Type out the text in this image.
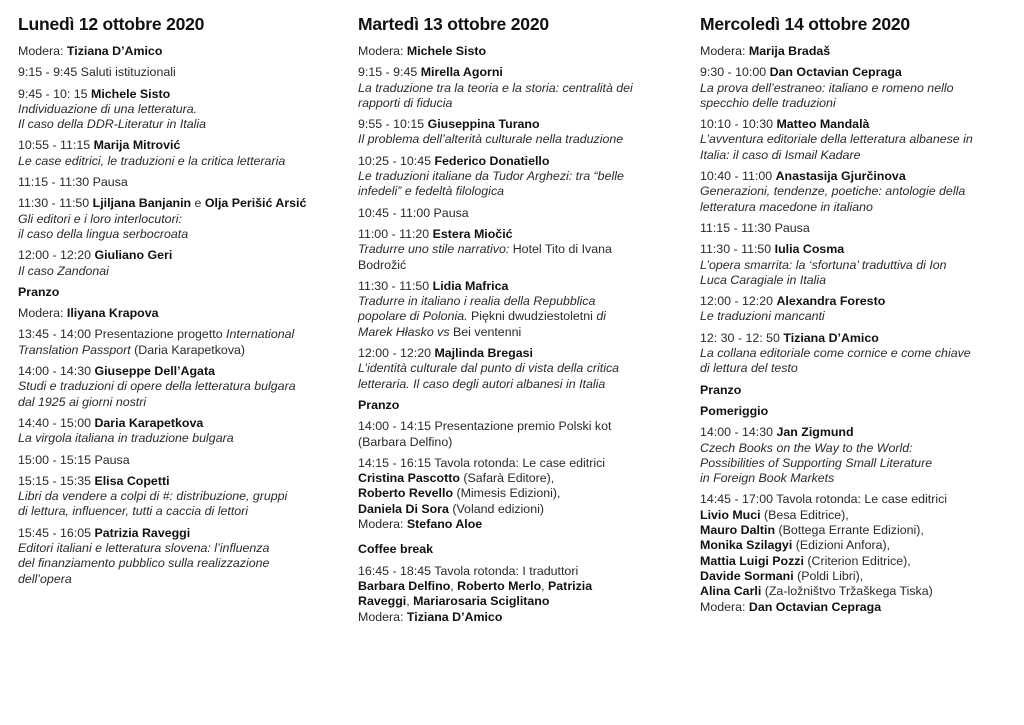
Lunedì 12 ottobre 2020
Modera: Tiziana D’Amico
9:15 - 9:45 Saluti istituzionali
9:45 - 10: 15 Michele Sisto
Individuazione di una letteratura.
Il caso della DDR-Literatur in Italia
10:55 - 11:15 Marija Mitrović
Le case editrici, le traduzioni e la critica letteraria
11:15 - 11:30 Pausa
11:30 - 11:50 Ljiljana Banjanin e Olja Perišić Arsić
Gli editori e i loro interlocutori:
il caso della lingua serbocroata
12:00 - 12:20 Giuliano Geri
Il caso Zandonai
Pranzo
Modera: Iliyana Krapova
13:45 - 14:00 Presentazione progetto International
Translation Passport (Daria Karapetkova)
14:00 - 14:30 Giuseppe Dell’Agata
Studi e traduzioni di opere della letteratura bulgara
dal 1925 ai giorni nostri
14:40 - 15:00 Daria Karapetkova
La virgola italiana in traduzione bulgara
15:00 - 15:15 Pausa
15:15 - 15:35 Elisa Copetti
Libri da vendere a colpi di #: distribuzione, gruppi
di lettura, influencer, tutti a caccia di lettori
15:45 - 16:05 Patrizia Raveggi
Editori italiani e letteratura slovena: l’influenza
del finanziamento pubblico sulla realizzazione
dell’opera
Martedì 13 ottobre 2020
Modera: Michele Sisto
9:15 - 9:45 Mirella Agorni
La traduzione tra la teoria e la storia: centralità dei
rapporti di fiducia
9:55 - 10:15 Giuseppina Turano
Il problema dell’alterità culturale nella traduzione
10:25 - 10:45 Federico Donatiello
Le traduzioni italiane da Tudor Arghezi: tra “belle
infedeli” e fedeltà filologica
10:45 - 11:00 Pausa
11:00 - 11:20 Estera Miočić
Tradurre uno stile narrativo: Hotel Tito di Ivana
Bodrožić
11:30 - 11:50 Lidia Mafrica
Tradurre in italiano i realia della Repubblica
popolare di Polonia. Piękni dwudziestoletni di
Marek Hłasko vs Bei ventenni
12:00 - 12:20 Majlinda Bregasi
L’identità culturale dal punto di vista della critica
letteraria. Il caso degli autori albanesi in Italia
Pranzo
14:00 - 14:15 Presentazione premio Polski kot
(Barbara Delfino)
14:15 - 16:15 Tavola rotonda: Le case editrici
Cristina Pascotto (Safarà Editore),
Roberto Revello (Mimesis Edizioni),
Daniela Di Sora (Voland edizioni)
Modera: Stefano Aloe
Coffee break
16:45 - 18:45 Tavola rotonda: I traduttori
Barbara Delfino, Roberto Merlo, Patrizia
Raveggi, Mariarosaria Sciglitano
Modera: Tiziana D’Amico
Mercoledì 14 ottobre 2020
Modera: Marija Bradaš
9:30 - 10:00 Dan Octavian Cepraga
La prova dell’estraneo: italiano e romeno nello
specchio delle traduzioni
10:10 - 10:30 Matteo Mandalà
L’avventura editoriale della letteratura albanese in
Italia: il caso di Ismail Kadare
10:40 - 11:00 Anastasija Gjurčinova
Generazioni, tendenze, poetiche: antologie della
letteratura macedone in italiano
11:15 - 11:30 Pausa
11:30 - 11:50 Iulia Cosma
L’opera smarrita: la ‘sfortuna’ traduttiva di Ion
Luca Caragiale in Italia
12:00 - 12:20 Alexandra Foresto
Le traduzioni mancanti
12: 30 - 12: 50 Tiziana D’Amico
La collana editoriale come cornice e come chiave
di lettura del testo
Pranzo
Pomeriggio
14:00 - 14:30 Jan Zigmund
Czech Books on the Way to the World:
Possibilities of Supporting Small Literature
in Foreign Book Markets
14:45 - 17:00 Tavola rotonda: Le case editrici
Livio Muci (Besa Editrice),
Mauro Daltin (Bottega Errante Edizioni),
Monika Szilagyi (Edizioni Anfora),
Mattia Luigi Pozzi (Criterion Editrice),
Davide Sormani (Poldi Libri),
Alina Carli (Za-ložništvo Tržaškega Tiska)
Modera: Dan Octavian Cepraga
